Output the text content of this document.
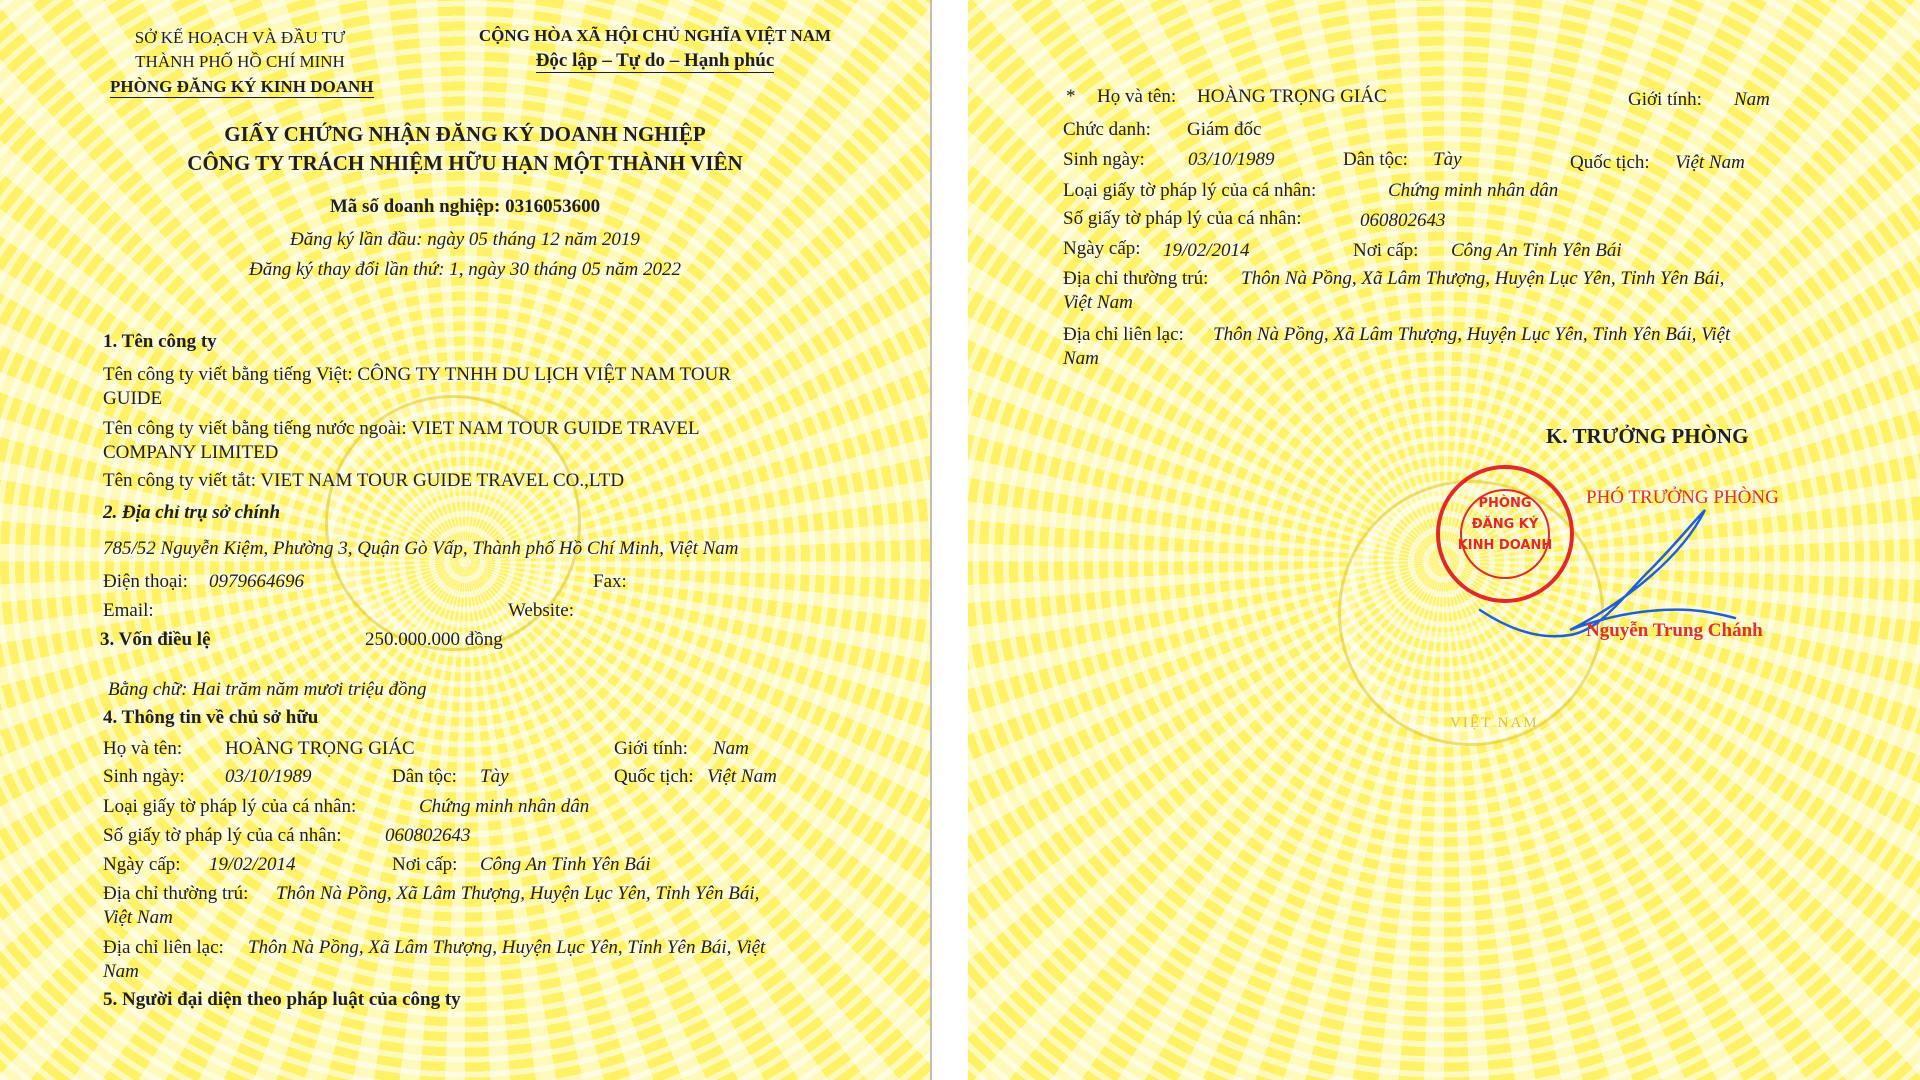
SỞ KẾ HOẠCH VÀ ĐẦU TƯ
THÀNH PHỐ HỒ CHÍ MINH
PHÒNG ĐĂNG KÝ KINH DOANH
CỘNG HÒA XÃ HỘI CHỦ NGHĨA VIỆT NAM
Độc lập – Tự do – Hạnh phúc
GIẤY CHỨNG NHẬN ĐĂNG KÝ DOANH NGHIỆP
CÔNG TY TRÁCH NHIỆM HỮU HẠN MỘT THÀNH VIÊN
Mã số doanh nghiệp: 0316053600
Đăng ký lần đầu: ngày 05 tháng 12 năm 2019
Đăng ký thay đổi lần thứ: 1, ngày 30 tháng 05 năm 2022
1. Tên công ty
Tên công ty viết bằng tiếng Việt: CÔNG TY TNHH DU LỊCH VIỆT NAM TOUR
GUIDE
Tên công ty viết bằng tiếng nước ngoài: VIET NAM TOUR GUIDE TRAVEL
COMPANY LIMITED
Tên công ty viết tắt: VIET NAM TOUR GUIDE TRAVEL CO.,LTD
2. Địa chỉ trụ sở chính
785/52 Nguyễn Kiệm, Phường 3, Quận Gò Vấp, Thành phố Hồ Chí Minh, Việt Nam
Điện thoại: 0979664696	Fax:
Email:	Website:
3. Vốn điều lệ	250.000.000 đồng
Bằng chữ: Hai trăm năm mươi triệu đồng
4. Thông tin về chủ sở hữu
Họ và tên: HOÀNG TRỌNG GIÁC	Giới tính: Nam
Sinh ngày: 03/10/1989	Dân tộc: Tày	Quốc tịch: Việt Nam
Loại giấy tờ pháp lý của cá nhân:	Chứng minh nhân dân
Số giấy tờ pháp lý của cá nhân: 060802643
Ngày cấp: 19/02/2014	Nơi cấp: Công An Tỉnh Yên Bái
Địa chỉ thường trú: Thôn Nà Pồng, Xã Lâm Thượng, Huyện Lục Yên, Tỉnh Yên Bái,
Việt Nam
Địa chỉ liên lạc: Thôn Nà Pồng, Xã Lâm Thượng, Huyện Lục Yên, Tỉnh Yên Bái, Việt
Nam
5. Người đại diện theo pháp luật của công ty
* Họ và tên: HOÀNG TRỌNG GIÁC	Giới tính: Nam
Chức danh: Giám đốc
Sinh ngày: 03/10/1989	Dân tộc: Tày	Quốc tịch: Việt Nam
Loại giấy tờ pháp lý của cá nhân:	Chứng minh nhân dân
Số giấy tờ pháp lý của cá nhân:	060802643
Ngày cấp: 19/02/2014	Nơi cấp: Công An Tỉnh Yên Bái
Địa chỉ thường trú: Thôn Nà Pồng, Xã Lâm Thượng, Huyện Lục Yên, Tỉnh Yên Bái,
Việt Nam
Địa chỉ liên lạc: Thôn Nà Pồng, Xã Lâm Thượng, Huyện Lục Yên, Tỉnh Yên Bái, Việt
Nam
K. TRƯỞNG PHÒNG
PHÓ TRƯỞNG PHÒNG
PHÒNG
ĐĂNG KÝ
KINH DOANH
Nguyễn Trung Chánh
VIỆT NAM
